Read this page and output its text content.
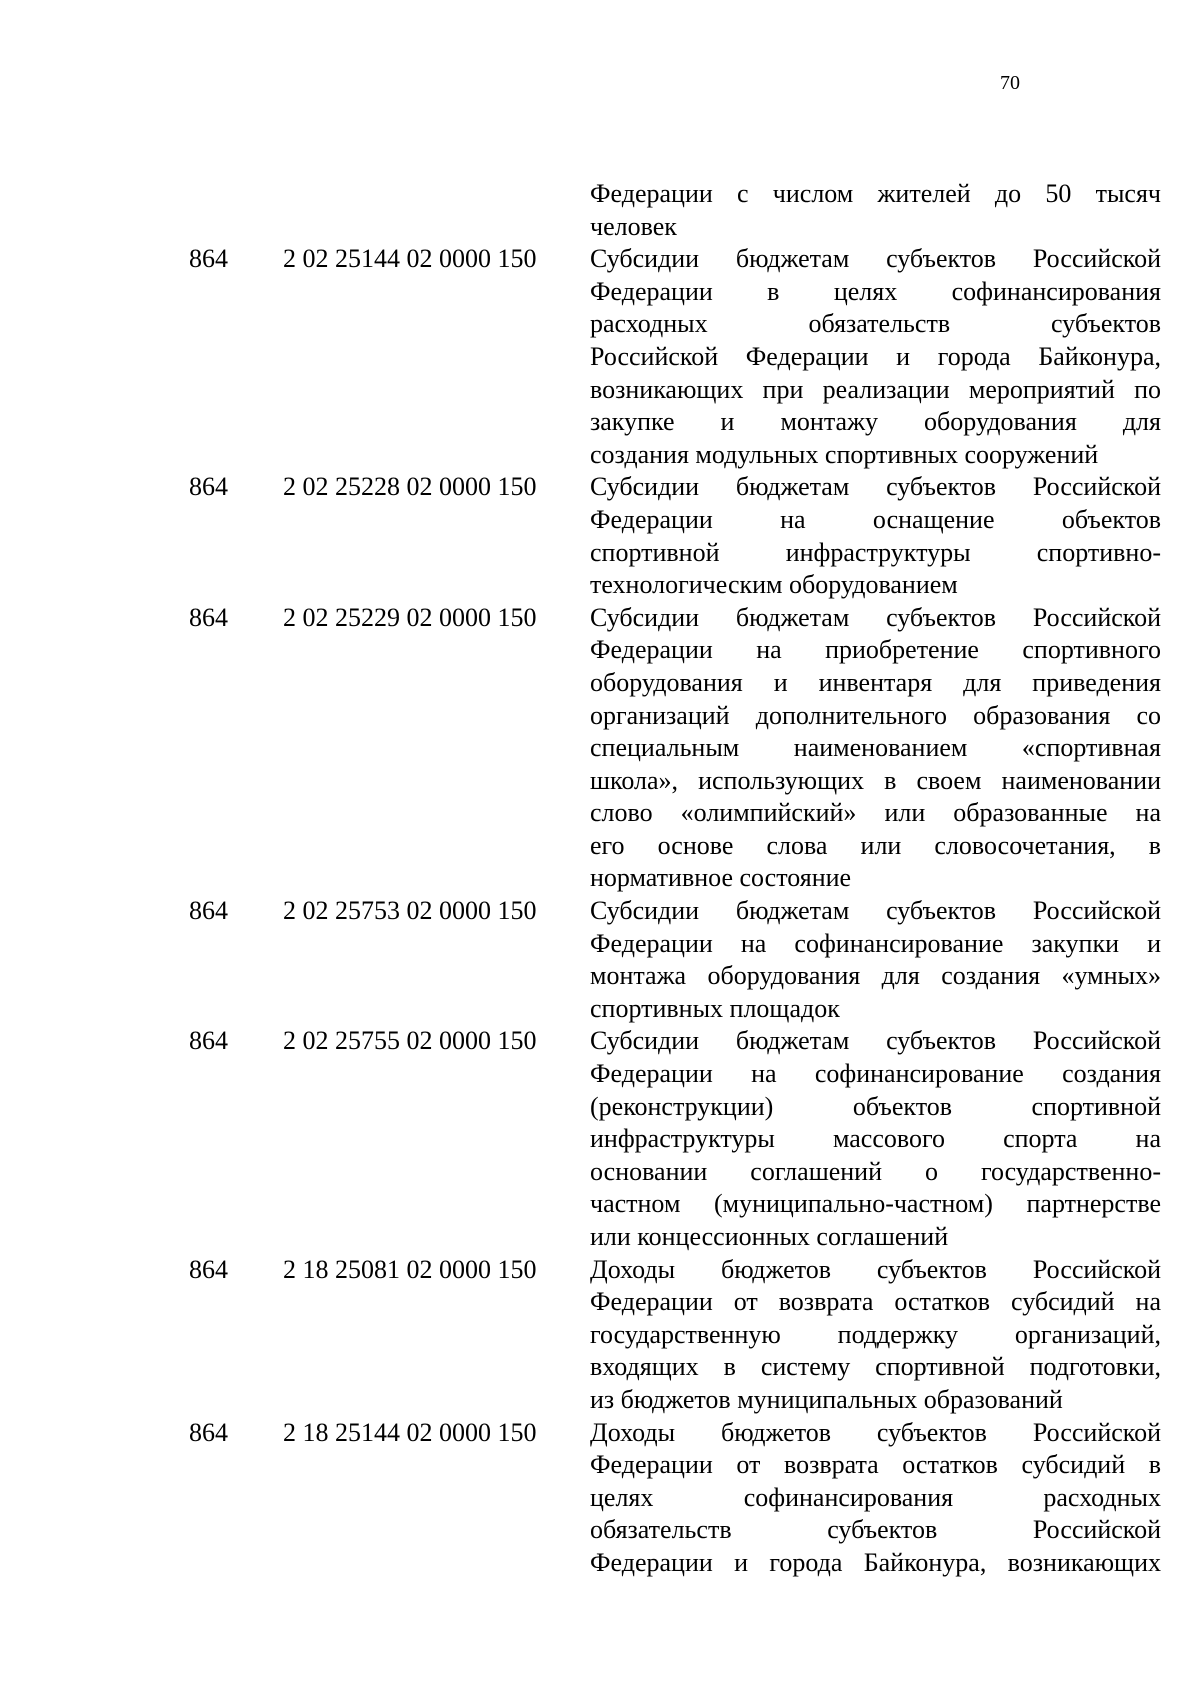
70
Федерации с числом жителей до 50 тысяч
человек
864 2 02 25144 02 0000 150 Субсидии бюджетам субъектов Российской
Федерации в целях софинансирования
расходных обязательств субъектов
Российской Федерации и города Байконура,
возникающих при реализации мероприятий по
закупке и монтажу оборудования для
создания модульных спортивных сооружений
864 2 02 25228 02 0000 150 Субсидии бюджетам субъектов Российской
Федерации на оснащение объектов
спортивной инфраструктуры спортивно-
технологическим оборудованием
864 2 02 25229 02 0000 150 Субсидии бюджетам субъектов Российской
Федерации на приобретение спортивного
оборудования и инвентаря для приведения
организаций дополнительного образования со
специальным наименованием «спортивная
школа», использующих в своем наименовании
слово «олимпийский» или образованные на
его основе слова или словосочетания, в
нормативное состояние
864 2 02 25753 02 0000 150 Субсидии бюджетам субъектов Российской
Федерации на софинансирование закупки и
монтажа оборудования для создания «умных»
спортивных площадок
864 2 02 25755 02 0000 150 Субсидии бюджетам субъектов Российской
Федерации на софинансирование создания
(реконструкции) объектов спортивной
инфраструктуры массового спорта на
основании соглашений о государственно-
частном (муниципально-частном) партнерстве
или концессионных соглашений
864 2 18 25081 02 0000 150 Доходы бюджетов субъектов Российской
Федерации от возврата остатков субсидий на
государственную поддержку организаций,
входящих в систему спортивной подготовки,
из бюджетов муниципальных образований
864 2 18 25144 02 0000 150 Доходы бюджетов субъектов Российской
Федерации от возврата остатков субсидий в
целях софинансирования расходных
обязательств субъектов Российской
Федерации и города Байконура, возникающих
